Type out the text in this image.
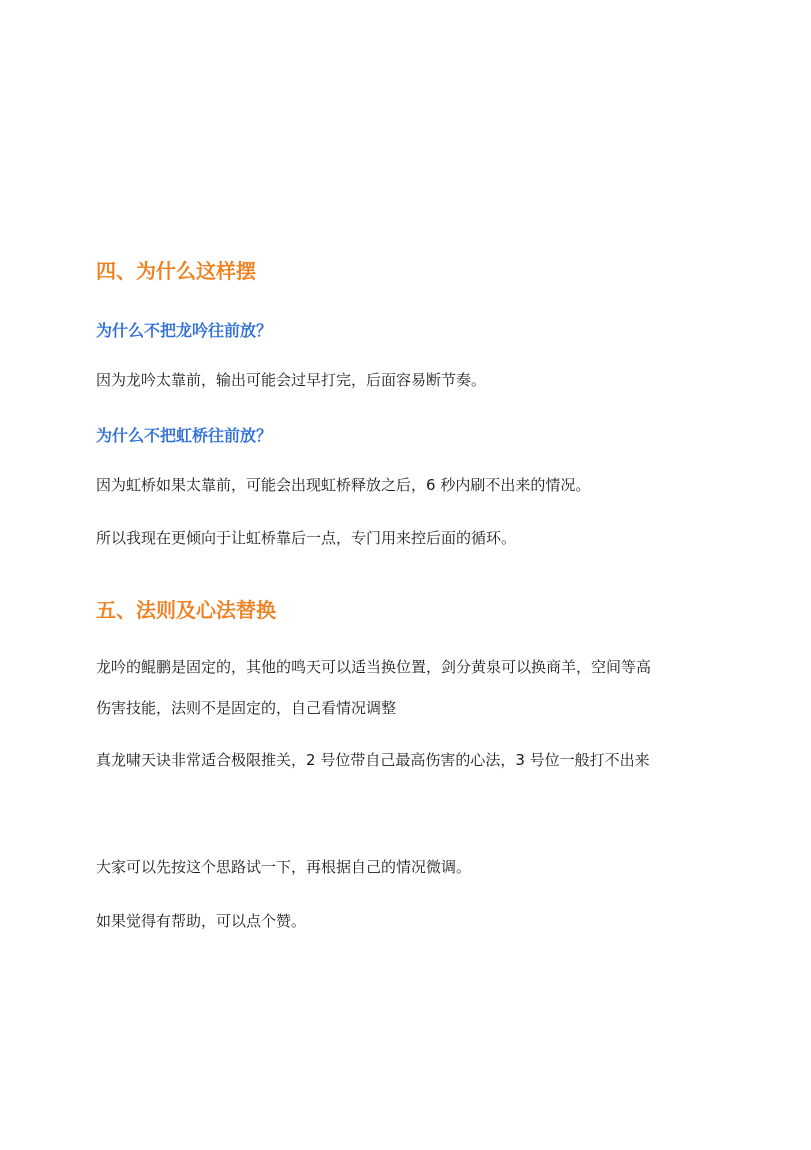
四、为什么这样摆
为什么不把龙吟往前放？

因为龙吟太靠前，输出可能会过早打完，后面容易断节奏。

为什么不把虹桥往前放？

因为虹桥如果太靠前，可能会出现虹桥释放之后，6 秒内刷不出来的情况。

所以我现在更倾向于让虹桥靠后一点，专门用来控后面的循环。

五、法则及心法替换

龙吟的鲲鹏是固定的，其他的鸣天可以适当换位置，剑分黄泉可以换商羊，空间等高

伤害技能，法则不是固定的，自己看情况调整

真龙啸天诀非常适合极限推关，2 号位带自己最高伤害的心法，3 号位一般打不出来

大家可以先按这个思路试一下，再根据自己的情况微调。

如果觉得有帮助，可以点个赞。
